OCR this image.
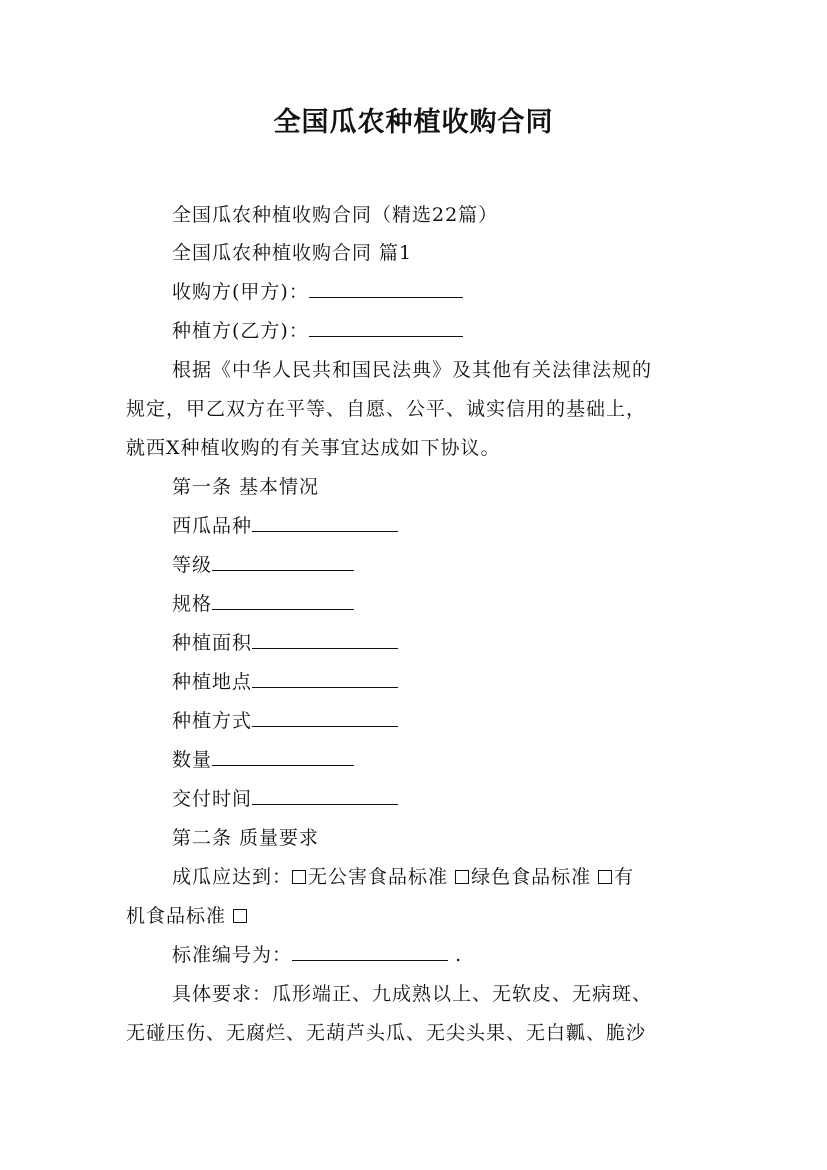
全国瓜农种植收购合同
全国瓜农种植收购合同（精选22篇）
全国瓜农种植收购合同 篇1
收购方(甲方)：
种植方(乙方)：
根据《中华人民共和国民法典》及其他有关法律法规的
规定，甲乙双方在平等、自愿、公平、诚实信用的基础上，
就西X种植收购的有关事宜达成如下协议。
第一条 基本情况
西瓜品种
等级
规格
种植面积
种植地点
种植方式
数量
交付时间
第二条 质量要求
成瓜应达到： 无公害食品标准 绿色食品标准 有
机食品标准
标准编号为：	.
具体要求：瓜形端正、九成熟以上、无软皮、无病斑、
无碰压伤、无腐烂、无葫芦头瓜、无尖头果、无白瓤、脆沙
